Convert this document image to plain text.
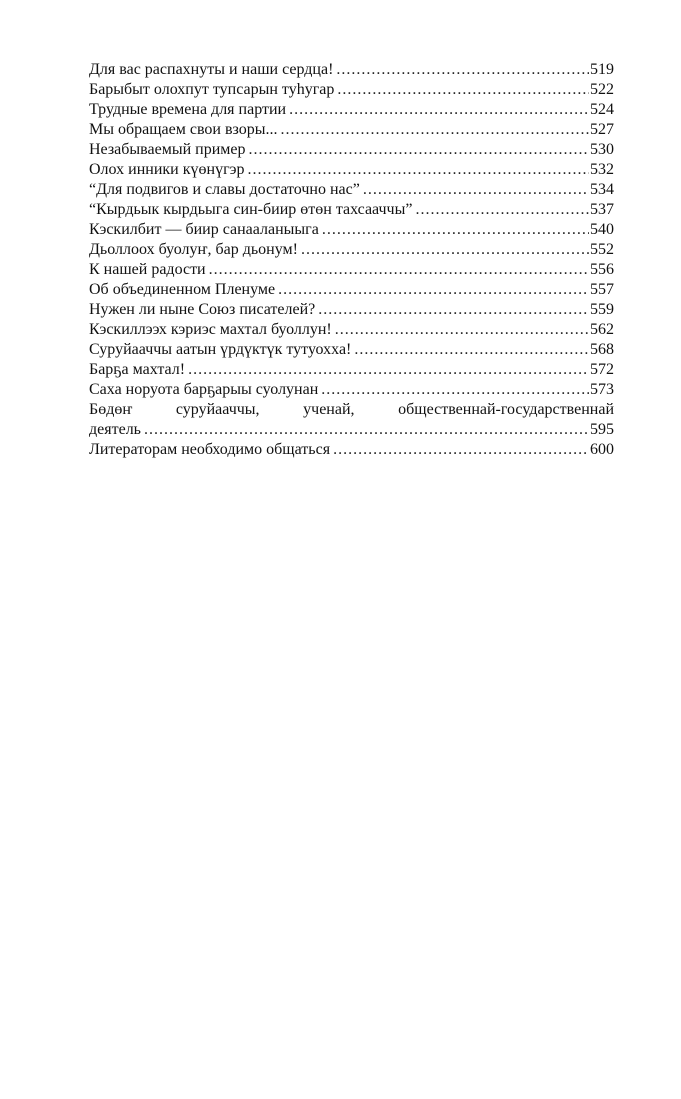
Для вас распахнуты и наши сердца! .....	519
Барыбыт олохпут тупсарын туhугар .....	522
Трудные времена для партии .....	524
Мы обращаем свои взоры... .....	527
Незабываемый пример .....	530
Олох инники күөнүгэр .....	532
“Для подвигов и славы достаточно нас” .....	534
“Кырдьык кырдьыга син-биир өтөн тахсааччы” .....	537
Кэскилбит — биир санааланыыга .....	540
Дьоллоох буолуҥ, бар дьонум! .....	552
К нашей радости .....	556
Об объединенном Пленуме .....	557
Нужен ли ныне Союз писателей? .....	559
Кэскиллээх кэриэс махтал буоллун! .....	562
Суруйааччы аатын үрдүктүк тутуохха! .....	568
Барҕа махтал! .....	572
Саха норуота барҕарыы суолунан .....	573
Бөдөҥ суруйааччы, ученай, общественнай-государственнай
деятель .....	595
Литераторам необходимо общаться .....	600
